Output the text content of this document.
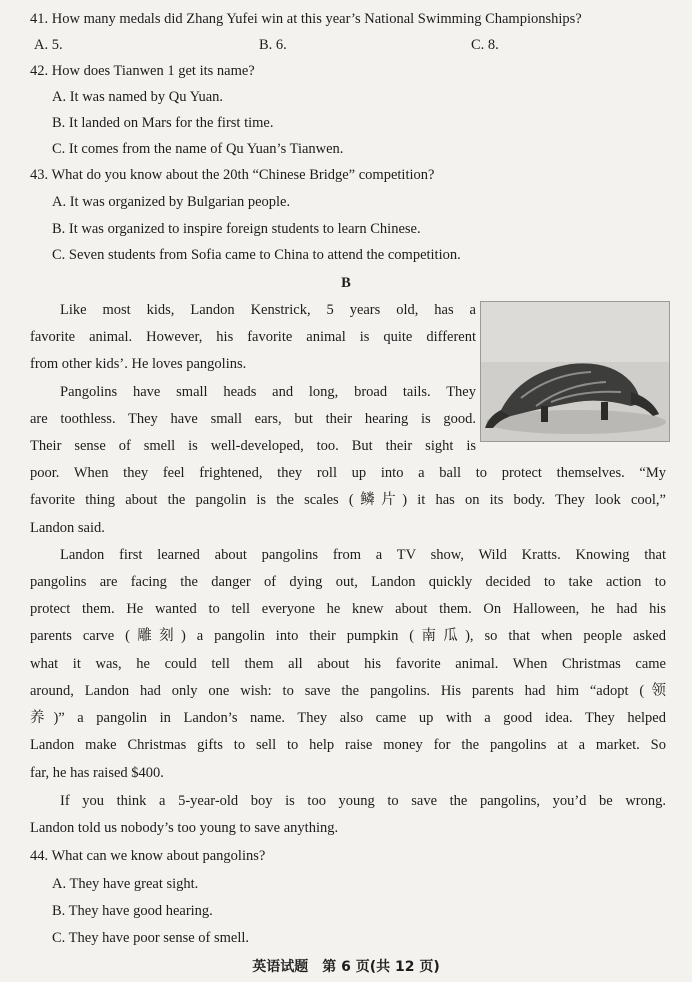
41. How many medals did Zhang Yufei win at this year’s National Swimming Championships?
A. 5.	B. 6.	C. 8.
42. How does Tianwen 1 get its name?
A. It was named by Qu Yuan.
B. It landed on Mars for the first time.
C. It comes from the name of Qu Yuan’s Tianwen.
43. What do you know about the 20th “Chinese Bridge” competition?
A. It was organized by Bulgarian people.
B. It was organized to inspire foreign students to learn Chinese.
C. Seven students from Sofia came to China to attend the competition.
B
Like most kids, Landon Kenstrick, 5 years old, has a
favorite animal. However, his favorite animal is quite different
from other kids’. He loves pangolins.
Pangolins have small heads and long, broad tails. They
are toothless. They have small ears, but their hearing is good.
Their sense of smell is well-developed, too. But their sight is
poor. When they feel frightened, they roll up into a ball to protect themselves. “My
favorite thing about the pangolin is the scales (鳞片) it has on its body. They look cool,”
Landon said.
Landon first learned about pangolins from a TV show, Wild Kratts. Knowing that
pangolins are facing the danger of dying out, Landon quickly decided to take action to
protect them. He wanted to tell everyone he knew about them. On Halloween, he had his
parents carve (雕刻) a pangolin into their pumpkin (南瓜), so that when people asked
what it was, he could tell them all about his favorite animal. When Christmas came
around, Landon had only one wish: to save the pangolins. His parents had him “adopt (领
养)” a pangolin in Landon’s name. They also came up with a good idea. They helped
Landon make Christmas gifts to sell to help raise money for the pangolins at a market. So
far, he has raised $400.
If you think a 5-year-old boy is too young to save the pangolins, you’d be wrong.
Landon told us nobody’s too young to save anything.
44. What can we know about pangolins?
A. They have great sight.
B. They have good hearing.
C. They have poor sense of smell.
英语试题　第 6 页(共 12 页)
